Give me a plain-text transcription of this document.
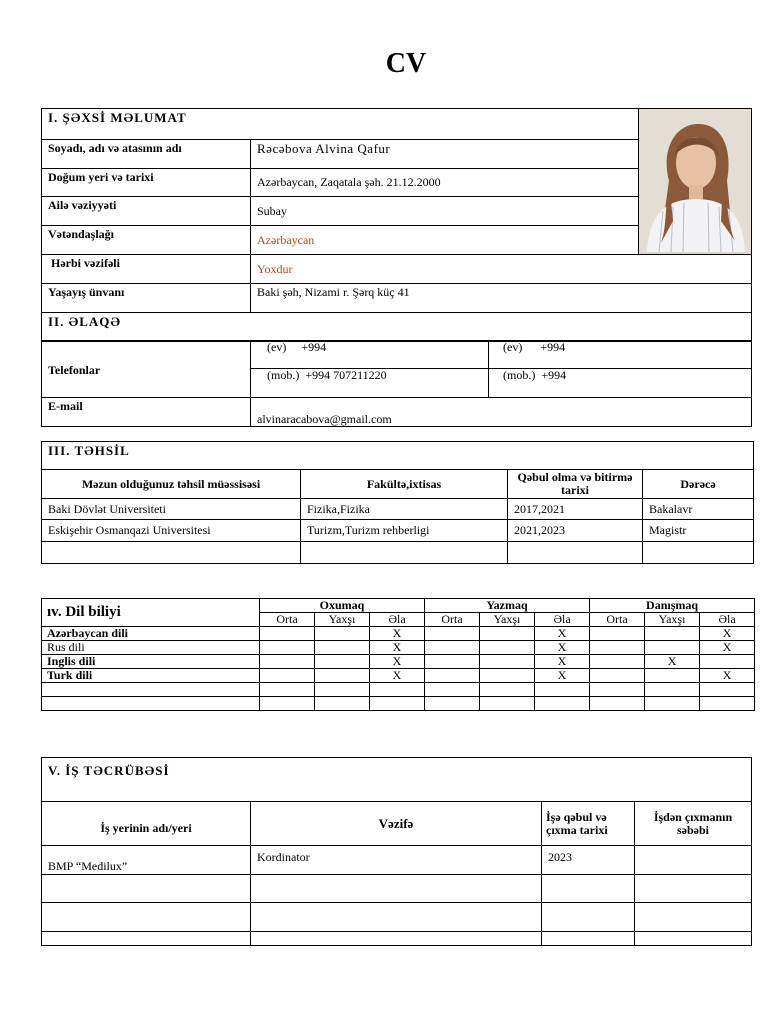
CV
I. ŞƏXSİ MƏLUMAT	

Soyadı, adı və atasının adı	Rəcəbova Alvina Qafur	
Doğum yeri və tarixi	Azərbaycan, Zaqatala şəh. 21.12.2000	
Ailə vəziyyəti	Subay	
Vətəndaşlağı	Azərbaycan	
Hərbi vəzifəli	Yoxdur	
Yaşayış ünvanı	Baki şəh, Nizami r. Şərq küç 41	
II. ƏLAQƏ		
Telefonlar	(ev)     +994	(ev)      +994
	(mob.)  +994 707211220	(mob.)  +994
E-mail	alvinaracabova@gmail.com	
III. TƏHSİL			
Məzun olduğunuz təhsil müəssisəsi	Fakültə,ixtisas	Qəbul olma və bitirmə tarixi	Dərəcə
Baki Dövlət Universiteti	Fizika,Fizika	2017,2021	Bakalavr
Eskişehir Osmanqazi Universitesi	Turizm,Turizm rehberligi	2021,2023	Magistr

ıv. Dil biliyi	Oxumaq			Yazmaq			Danışmaq		
	Orta	Yaxşı	Əla	Orta	Yaxşı	Əla	Orta	Yaxşı	Əla
Azərbaycan dili			X			X			X
Rus dili			X			X			X
Inglis dili			X			X		X	
Turk dili			X			X			X

V. İŞ TƏCRÜBƏSİ			
İş yerinin adı/yeri	Vəzifə	İşə qəbul və çıxma tarixi	İşdən çıxmanın səbəbi
BMP “Medilux”	Kordinator	2023	
